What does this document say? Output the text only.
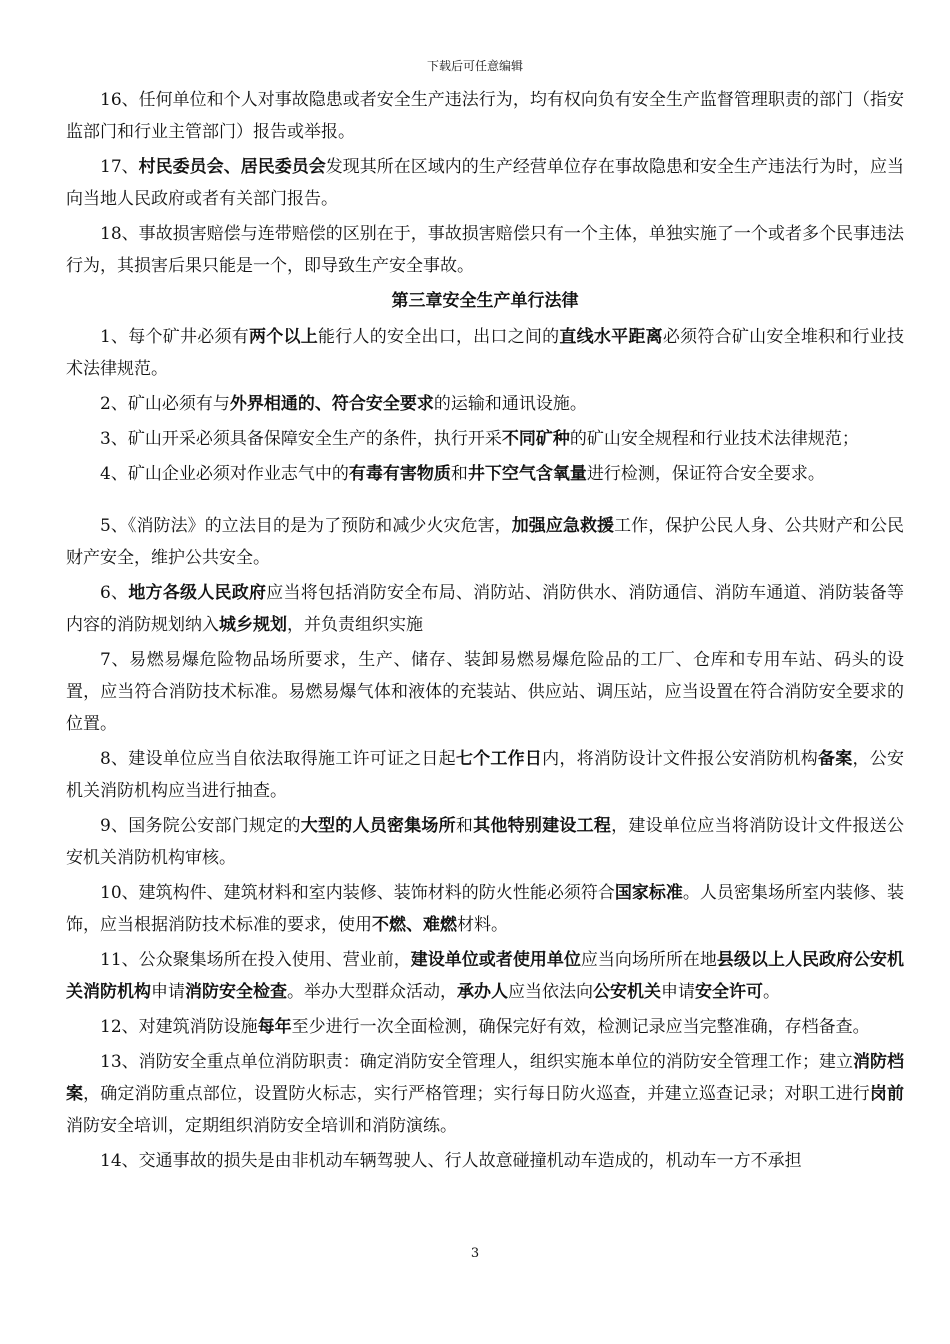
下载后可任意编辑

16、任何单位和个人对事故隐患或者安全生产违法行为，均有权向负有安全生产监督管理职责的部门（指安监部门和行业主管部门）报告或举报。

17、村民委员会、居民委员会发现其所在区域内的生产经营单位存在事故隐患和安全生产违法行为时，应当向当地人民政府或者有关部门报告。

18、事故损害赔偿与连带赔偿的区别在于，事故损害赔偿只有一个主体，单独实施了一个或者多个民事违法行为，其损害后果只能是一个，即导致生产安全事故。

第三章安全生产单行法律

1、每个矿井必须有两个以上能行人的安全出口，出口之间的直线水平距离必须符合矿山安全堆积和行业技术法律规范。

2、矿山必须有与外界相通的、符合安全要求的运输和通讯设施。

3、矿山开采必须具备保障安全生产的条件，执行开采不同矿种的矿山安全规程和行业技术法律规范；

4、矿山企业必须对作业志气中的有毒有害物质和井下空气含氧量进行检测，保证符合安全要求。

5、《消防法》的立法目的是为了预防和减少火灾危害，加强应急救援工作，保护公民人身、公共财产和公民财产安全，维护公共安全。

6、地方各级人民政府应当将包括消防安全布局、消防站、消防供水、消防通信、消防车通道、消防装备等内容的消防规划纳入城乡规划，并负责组织实施

7、易燃易爆危险物品场所要求，生产、储存、装卸易燃易爆危险品的工厂、仓库和专用车站、码头的设置，应当符合消防技术标准。易燃易爆气体和液体的充装站、供应站、调压站，应当设置在符合消防安全要求的位置。

8、建设单位应当自依法取得施工许可证之日起七个工作日内，将消防设计文件报公安消防机构备案，公安机关消防机构应当进行抽查。

9、国务院公安部门规定的大型的人员密集场所和其他特别建设工程，建设单位应当将消防设计文件报送公安机关消防机构审核。

10、建筑构件、建筑材料和室内装修、装饰材料的防火性能必须符合国家标准。人员密集场所室内装修、装饰，应当根据消防技术标准的要求，使用不燃、难燃材料。

11、公众聚集场所在投入使用、营业前，建设单位或者使用单位应当向场所所在地县级以上人民政府公安机关消防机构申请消防安全检查。举办大型群众活动，承办人应当依法向公安机关申请安全许可。

12、对建筑消防设施每年至少进行一次全面检测，确保完好有效，检测记录应当完整准确，存档备查。

13、消防安全重点单位消防职责：确定消防安全管理人，组织实施本单位的消防安全管理工作；建立消防档案，确定消防重点部位，设置防火标志，实行严格管理；实行每日防火巡查，并建立巡查记录；对职工进行岗前消防安全培训，定期组织消防安全培训和消防演练。

14、交通事故的损失是由非机动车辆驾驶人、行人故意碰撞机动车造成的，机动车一方不承担

3
